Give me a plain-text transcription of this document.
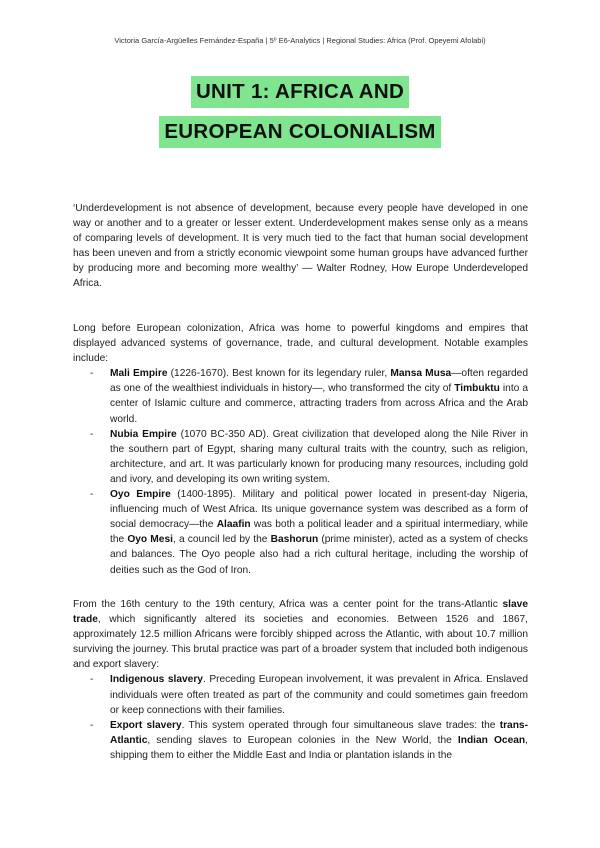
Victoria García-Argüelles Fernández-España | 5º E6-Analytics | Regional Studies: Africa (Prof. Opeyemi Afolabi)
UNIT 1: AFRICA AND
EUROPEAN COLONIALISM

‘Underdevelopment is not absence of development, because every people have developed in one way or another and to a greater or lesser extent. Underdevelopment makes sense only as a means of comparing levels of development. It is very much tied to the fact that human social development has been uneven and from a strictly economic viewpoint some human groups have advanced further by producing more and becoming more wealthy’ — Walter Rodney, How Europe Underdeveloped Africa.

Long before European colonization, Africa was home to powerful kingdoms and empires that displayed advanced systems of governance, trade, and cultural development. Notable examples include:

- Mali Empire (1226-1670). Best known for its legendary ruler, Mansa Musa—often regarded as one of the wealthiest individuals in history—, who transformed the city of Timbuktu into a center of Islamic culture and commerce, attracting traders from across Africa and the Arab world.
- Nubia Empire (1070 BC-350 AD). Great civilization that developed along the Nile River in the southern part of Egypt, sharing many cultural traits with the country, such as religion, architecture, and art. It was particularly known for producing many resources, including gold and ivory, and developing its own writing system.
- Oyo Empire (1400-1895). Military and political power located in present-day Nigeria, influencing much of West Africa. Its unique governance system was described as a form of social democracy—the Alaafin was both a political leader and a spiritual intermediary, while the Oyo Mesi, a council led by the Bashorun (prime minister), acted as a system of checks and balances. The Oyo people also had a rich cultural heritage, including the worship of deities such as the God of Iron.

From the 16th century to the 19th century, Africa was a center point for the trans-Atlantic slave trade, which significantly altered its societies and economies. Between 1526 and 1867, approximately 12.5 million Africans were forcibly shipped across the Atlantic, with about 10.7 million surviving the journey. This brutal practice was part of a broader system that included both indigenous and export slavery:

- Indigenous slavery. Preceding European involvement, it was prevalent in Africa. Enslaved individuals were often treated as part of the community and could sometimes gain freedom or keep connections with their families.
- Export slavery. This system operated through four simultaneous slave trades: the trans-Atlantic, sending slaves to European colonies in the New World, the Indian Ocean, shipping them to either the Middle East and India or plantation islands in the
